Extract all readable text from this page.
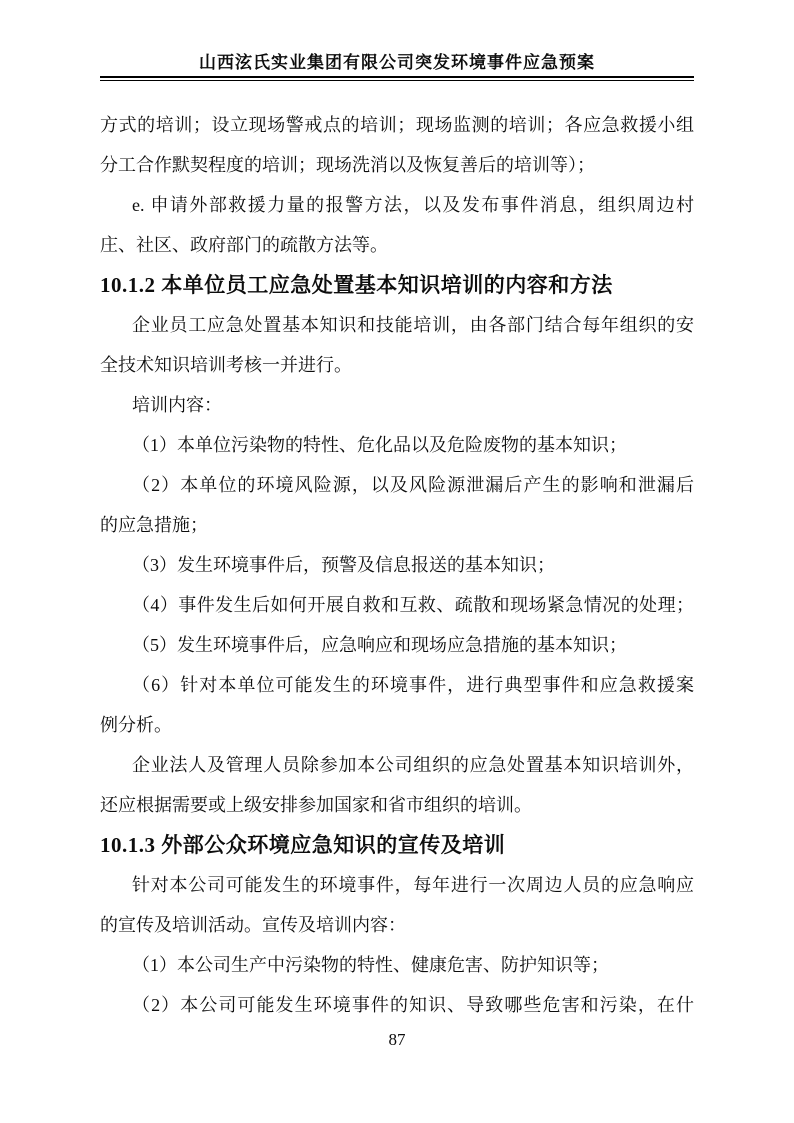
山西泫氏实业集团有限公司突发环境事件应急预案
方式的培训；设立现场警戒点的培训；现场监测的培训；各应急救援小组
分工合作默契程度的培训；现场洗消以及恢复善后的培训等）；
e. 申请外部救援力量的报警方法，以及发布事件消息，组织周边村
庄、社区、政府部门的疏散方法等。
10.1.2 本单位员工应急处置基本知识培训的内容和方法
企业员工应急处置基本知识和技能培训，由各部门结合每年组织的安
全技术知识培训考核一并进行。
培训内容：
（1）本单位污染物的特性、危化品以及危险废物的基本知识；
（2）本单位的环境风险源，以及风险源泄漏后产生的影响和泄漏后
的应急措施；
（3）发生环境事件后，预警及信息报送的基本知识；
（4）事件发生后如何开展自救和互救、疏散和现场紧急情况的处理；
（5）发生环境事件后，应急响应和现场应急措施的基本知识；
（6）针对本单位可能发生的环境事件，进行典型事件和应急救援案
例分析。
企业法人及管理人员除参加本公司组织的应急处置基本知识培训外，
还应根据需要或上级安排参加国家和省市组织的培训。
10.1.3 外部公众环境应急知识的宣传及培训
针对本公司可能发生的环境事件，每年进行一次周边人员的应急响应
的宣传及培训活动。宣传及培训内容：
（1）本公司生产中污染物的特性、健康危害、防护知识等；
（2）本公司可能发生环境事件的知识、导致哪些危害和污染，在什
87
